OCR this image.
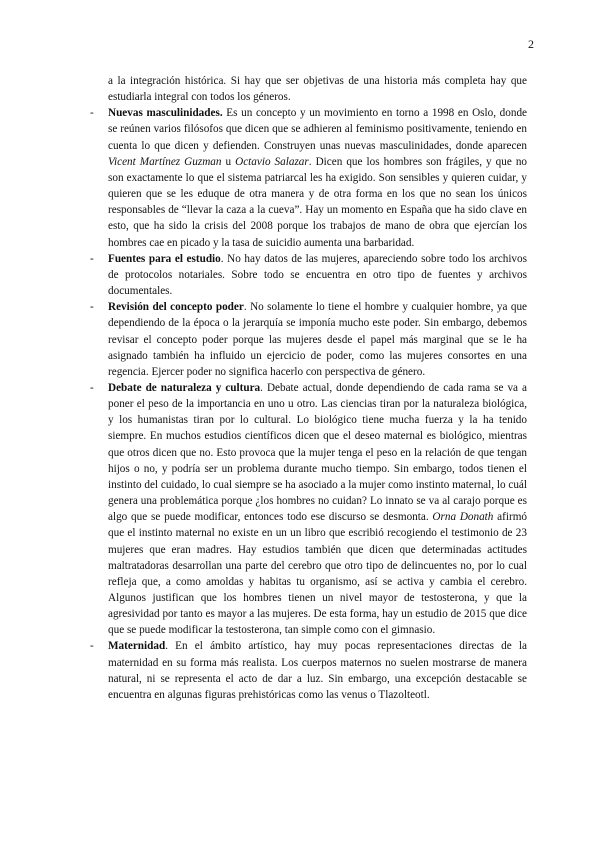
2

a la integración histórica. Si hay que ser objetivas de una historia más completa hay que estudiarla integral con todos los géneros.

- Nuevas masculinidades. Es un concepto y un movimiento en torno a 1998 en Oslo, donde se reúnen varios filósofos que dicen que se adhieren al feminismo positivamente, teniendo en cuenta lo que dicen y defienden. Construyen unas nuevas masculinidades, donde aparecen Vicent Martínez Guzman u Octavio Salazar. Dicen que los hombres son frágiles, y que no son exactamente lo que el sistema patriarcal les ha exigido. Son sensibles y quieren cuidar, y quieren que se les eduque de otra manera y de otra forma en los que no sean los únicos responsables de “llevar la caza a la cueva”. Hay un momento en España que ha sido clave en esto, que ha sido la crisis del 2008 porque los trabajos de mano de obra que ejercían los hombres cae en picado y la tasa de suicidio aumenta una barbaridad.
- Fuentes para el estudio. No hay datos de las mujeres, apareciendo sobre todo los archivos de protocolos notariales. Sobre todo se encuentra en otro tipo de fuentes y archivos documentales.
- Revisión del concepto poder. No solamente lo tiene el hombre y cualquier hombre, ya que dependiendo de la época o la jerarquía se imponía mucho este poder. Sin embargo, debemos revisar el concepto poder porque las mujeres desde el papel más marginal que se le ha asignado también ha influido un ejercicio de poder, como las mujeres consortes en una regencia. Ejercer poder no significa hacerlo con perspectiva de género.
- Debate de naturaleza y cultura. Debate actual, donde dependiendo de cada rama se va a poner el peso de la importancia en uno u otro. Las ciencias tiran por la naturaleza biológica, y los humanistas tiran por lo cultural. Lo biológico tiene mucha fuerza y la ha tenido siempre. En muchos estudios científicos dicen que el deseo maternal es biológico, mientras que otros dicen que no. Esto provoca que la mujer tenga el peso en la relación de que tengan hijos o no, y podría ser un problema durante mucho tiempo. Sin embargo, todos tienen el instinto del cuidado, lo cual siempre se ha asociado a la mujer como instinto maternal, lo cuál genera una problemática porque ¿los hombres no cuidan? Lo innato se va al carajo porque es algo que se puede modificar, entonces todo ese discurso se desmonta. Orna Donath afirmó que el instinto maternal no existe en un un libro que escribió recogiendo el testimonio de 23 mujeres que eran madres. Hay estudios también que dicen que determinadas actitudes maltratadoras desarrollan una parte del cerebro que otro tipo de delincuentes no, por lo cual refleja que, a como amoldas y habitas tu organismo, así se activa y cambia el cerebro. Algunos justifican que los hombres tienen un nivel mayor de testosterona, y que la agresividad por tanto es mayor a las mujeres. De esta forma, hay un estudio de 2015 que dice que se puede modificar la testosterona, tan simple como con el gimnasio.
- Maternidad. En el ámbito artístico, hay muy pocas representaciones directas de la maternidad en su forma más realista. Los cuerpos maternos no suelen mostrarse de manera natural, ni se representa el acto de dar a luz. Sin embargo, una excepción destacable se encuentra en algunas figuras prehistóricas como las venus o Tlazolteotl.
